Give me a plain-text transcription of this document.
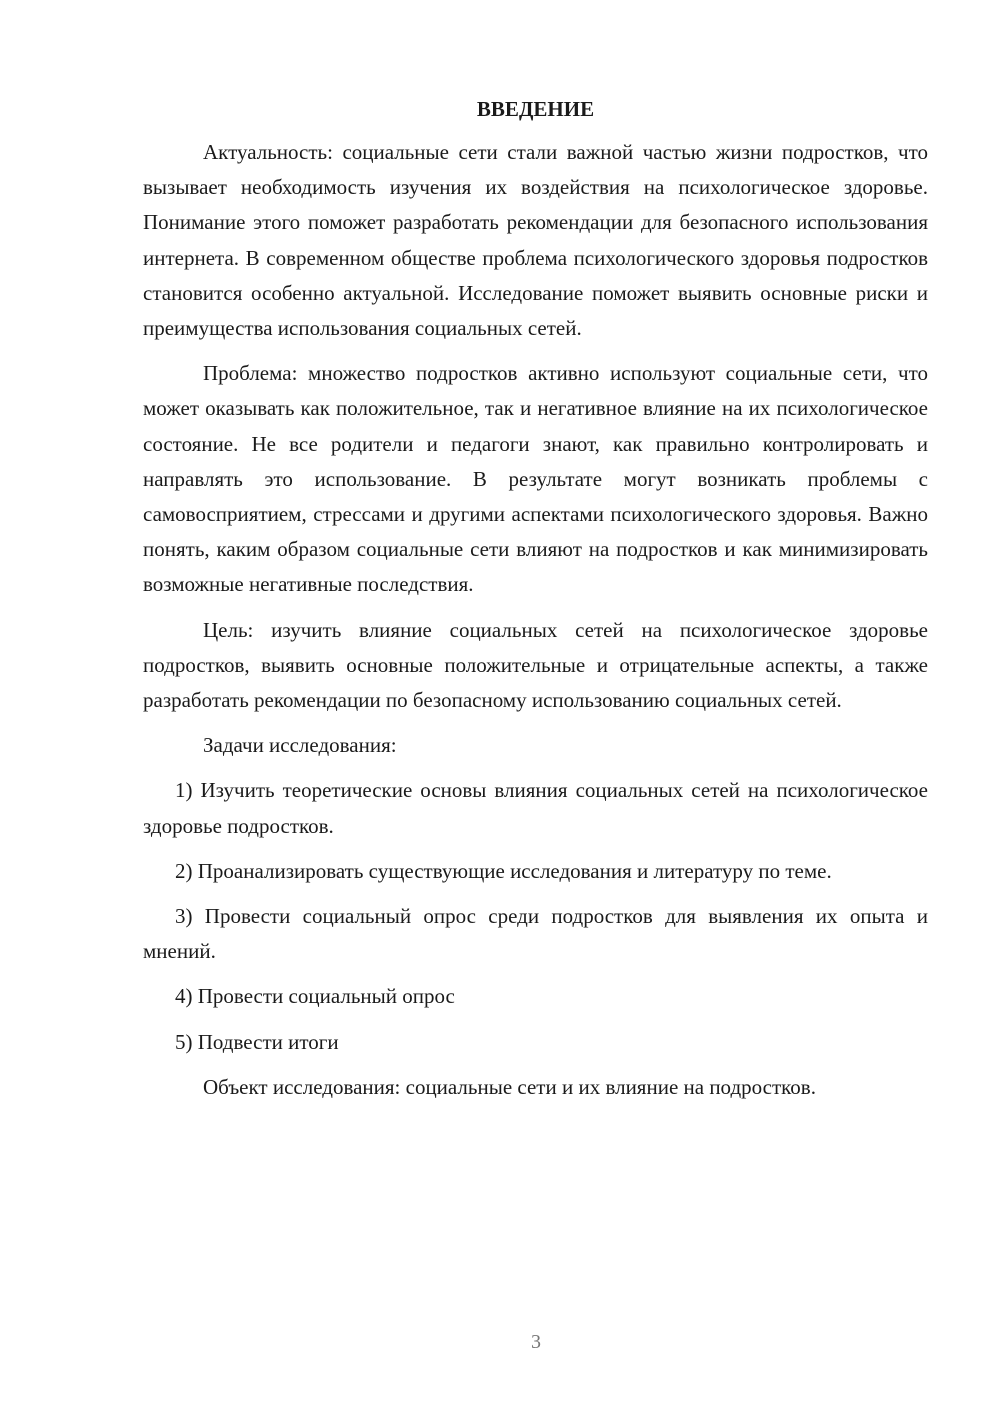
ВВЕДЕНИЕ

Актуальность: социальные сети стали важной частью жизни подростков, что вызывает необходимость изучения их воздействия на психологическое здоровье. Понимание этого поможет разработать рекомендации для безопасного использования интернета. В современном обществе проблема психологического здоровья подростков становится особенно актуальной. Исследование поможет выявить основные риски и преимущества использования социальных сетей.

Проблема: множество подростков активно используют социальные сети, что может оказывать как положительное, так и негативное влияние на их психологическое состояние. Не все родители и педагоги знают, как правильно контролировать и направлять это использование. В результате могут возникать проблемы с самовосприятием, стрессами и другими аспектами психологического здоровья. Важно понять, каким образом социальные сети влияют на подростков и как минимизировать возможные негативные последствия.

Цель: изучить влияние социальных сетей на психологическое здоровье подростков, выявить основные положительные и отрицательные аспекты, а также разработать рекомендации по безопасному использованию социальных сетей.

Задачи исследования:

1) Изучить теоретические основы влияния социальных сетей на психологическое здоровье подростков.

2) Проанализировать существующие исследования и литературу по теме.

3) Провести социальный опрос среди подростков для выявления их опыта и мнений.

4) Провести социальный опрос

5) Подвести итоги

Объект исследования: социальные сети и их влияние на подростков.

3
